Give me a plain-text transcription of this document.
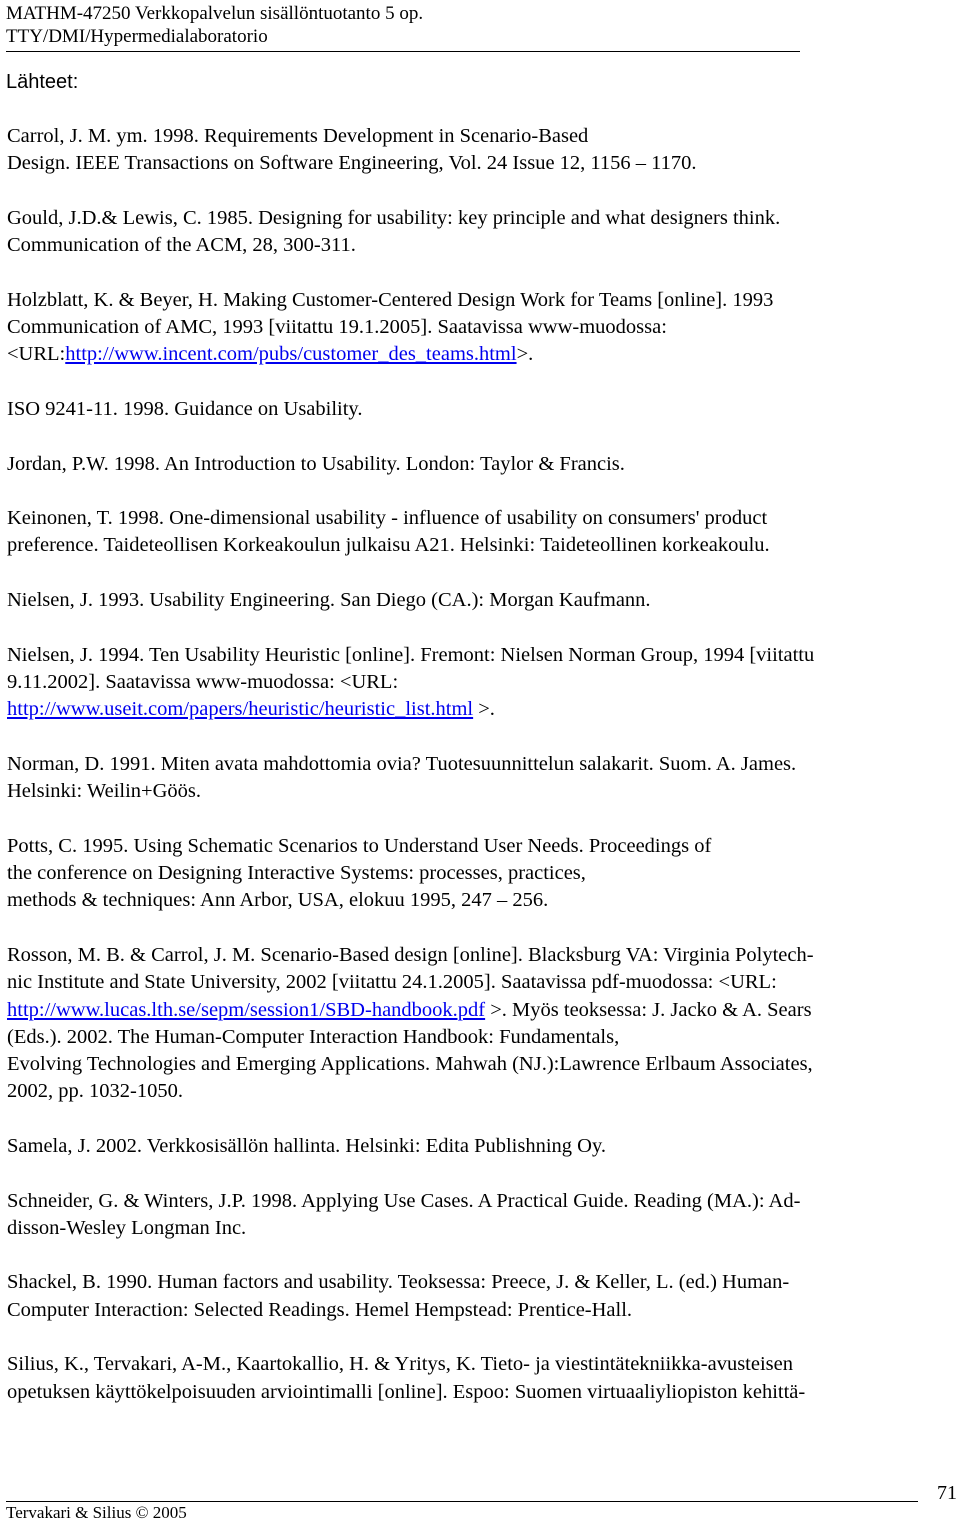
MATHM-47250 Verkkopalvelun sisällöntuotanto 5 op.
TTY/DMI/Hypermedialaboratorio
Lähteet:
Carrol, J. M. ym. 1998. Requirements Development in Scenario-Based
Design. IEEE Transactions on Software Engineering, Vol. 24 Issue 12, 1156 – 1170.
Gould, J.D.& Lewis, C. 1985. Designing for usability: key principle and what designers think.
Communication of the ACM, 28, 300-311.
Holzblatt, K. & Beyer, H. Making Customer-Centered Design Work for Teams [online]. 1993
Communication of AMC, 1993 [viitattu 19.1.2005]. Saatavissa www-muodossa:
<URL:http://www.incent.com/pubs/customer_des_teams.html>.
ISO 9241-11. 1998. Guidance on Usability.
Jordan, P.W. 1998. An Introduction to Usability. London: Taylor & Francis.
Keinonen, T. 1998. One-dimensional usability - influence of usability on consumers' product
preference. Taideteollisen Korkeakoulun julkaisu A21. Helsinki: Taideteollinen korkeakoulu.
Nielsen, J. 1993. Usability Engineering. San Diego (CA.): Morgan Kaufmann.
Nielsen, J. 1994. Ten Usability Heuristic [online]. Fremont: Nielsen Norman Group, 1994 [viitattu
9.11.2002]. Saatavissa www-muodossa: <URL:
http://www.useit.com/papers/heuristic/heuristic_list.html >.
Norman, D. 1991. Miten avata mahdottomia ovia? Tuotesuunnittelun salakarit. Suom. A. James.
Helsinki: Weilin+Göös.
Potts, C. 1995. Using Schematic Scenarios to Understand User Needs. Proceedings of
the conference on Designing Interactive Systems: processes, practices,
methods & techniques: Ann Arbor, USA, elokuu 1995, 247 – 256.
Rosson, M. B. & Carrol, J. M. Scenario-Based design [online]. Blacksburg VA: Virginia Polytech-
nic Institute and State University, 2002 [viitattu 24.1.2005]. Saatavissa pdf-muodossa: <URL:
http://www.lucas.lth.se/sepm/session1/SBD-handbook.pdf >. Myös teoksessa: J. Jacko & A. Sears
(Eds.). 2002. The Human-Computer Interaction Handbook: Fundamentals,
Evolving Technologies and Emerging Applications. Mahwah (NJ.):Lawrence Erlbaum Associates,
2002, pp. 1032-1050.
Samela, J. 2002. Verkkosisällön hallinta. Helsinki: Edita Publishning Oy.
Schneider, G. & Winters, J.P. 1998. Applying Use Cases. A Practical Guide. Reading (MA.): Ad-
disson-Wesley Longman Inc.
Shackel, B. 1990. Human factors and usability. Teoksessa: Preece, J. & Keller, L. (ed.) Human-
Computer Interaction: Selected Readings. Hemel Hempstead: Prentice-Hall.
Silius, K., Tervakari, A-M., Kaartokallio, H. & Yritys, K. Tieto- ja viestintätekniikka-avusteisen
opetuksen käyttökelpoisuuden arviointimalli [online]. Espoo: Suomen virtuaaliyliopiston kehittä-
71
Tervakari & Silius © 2005
